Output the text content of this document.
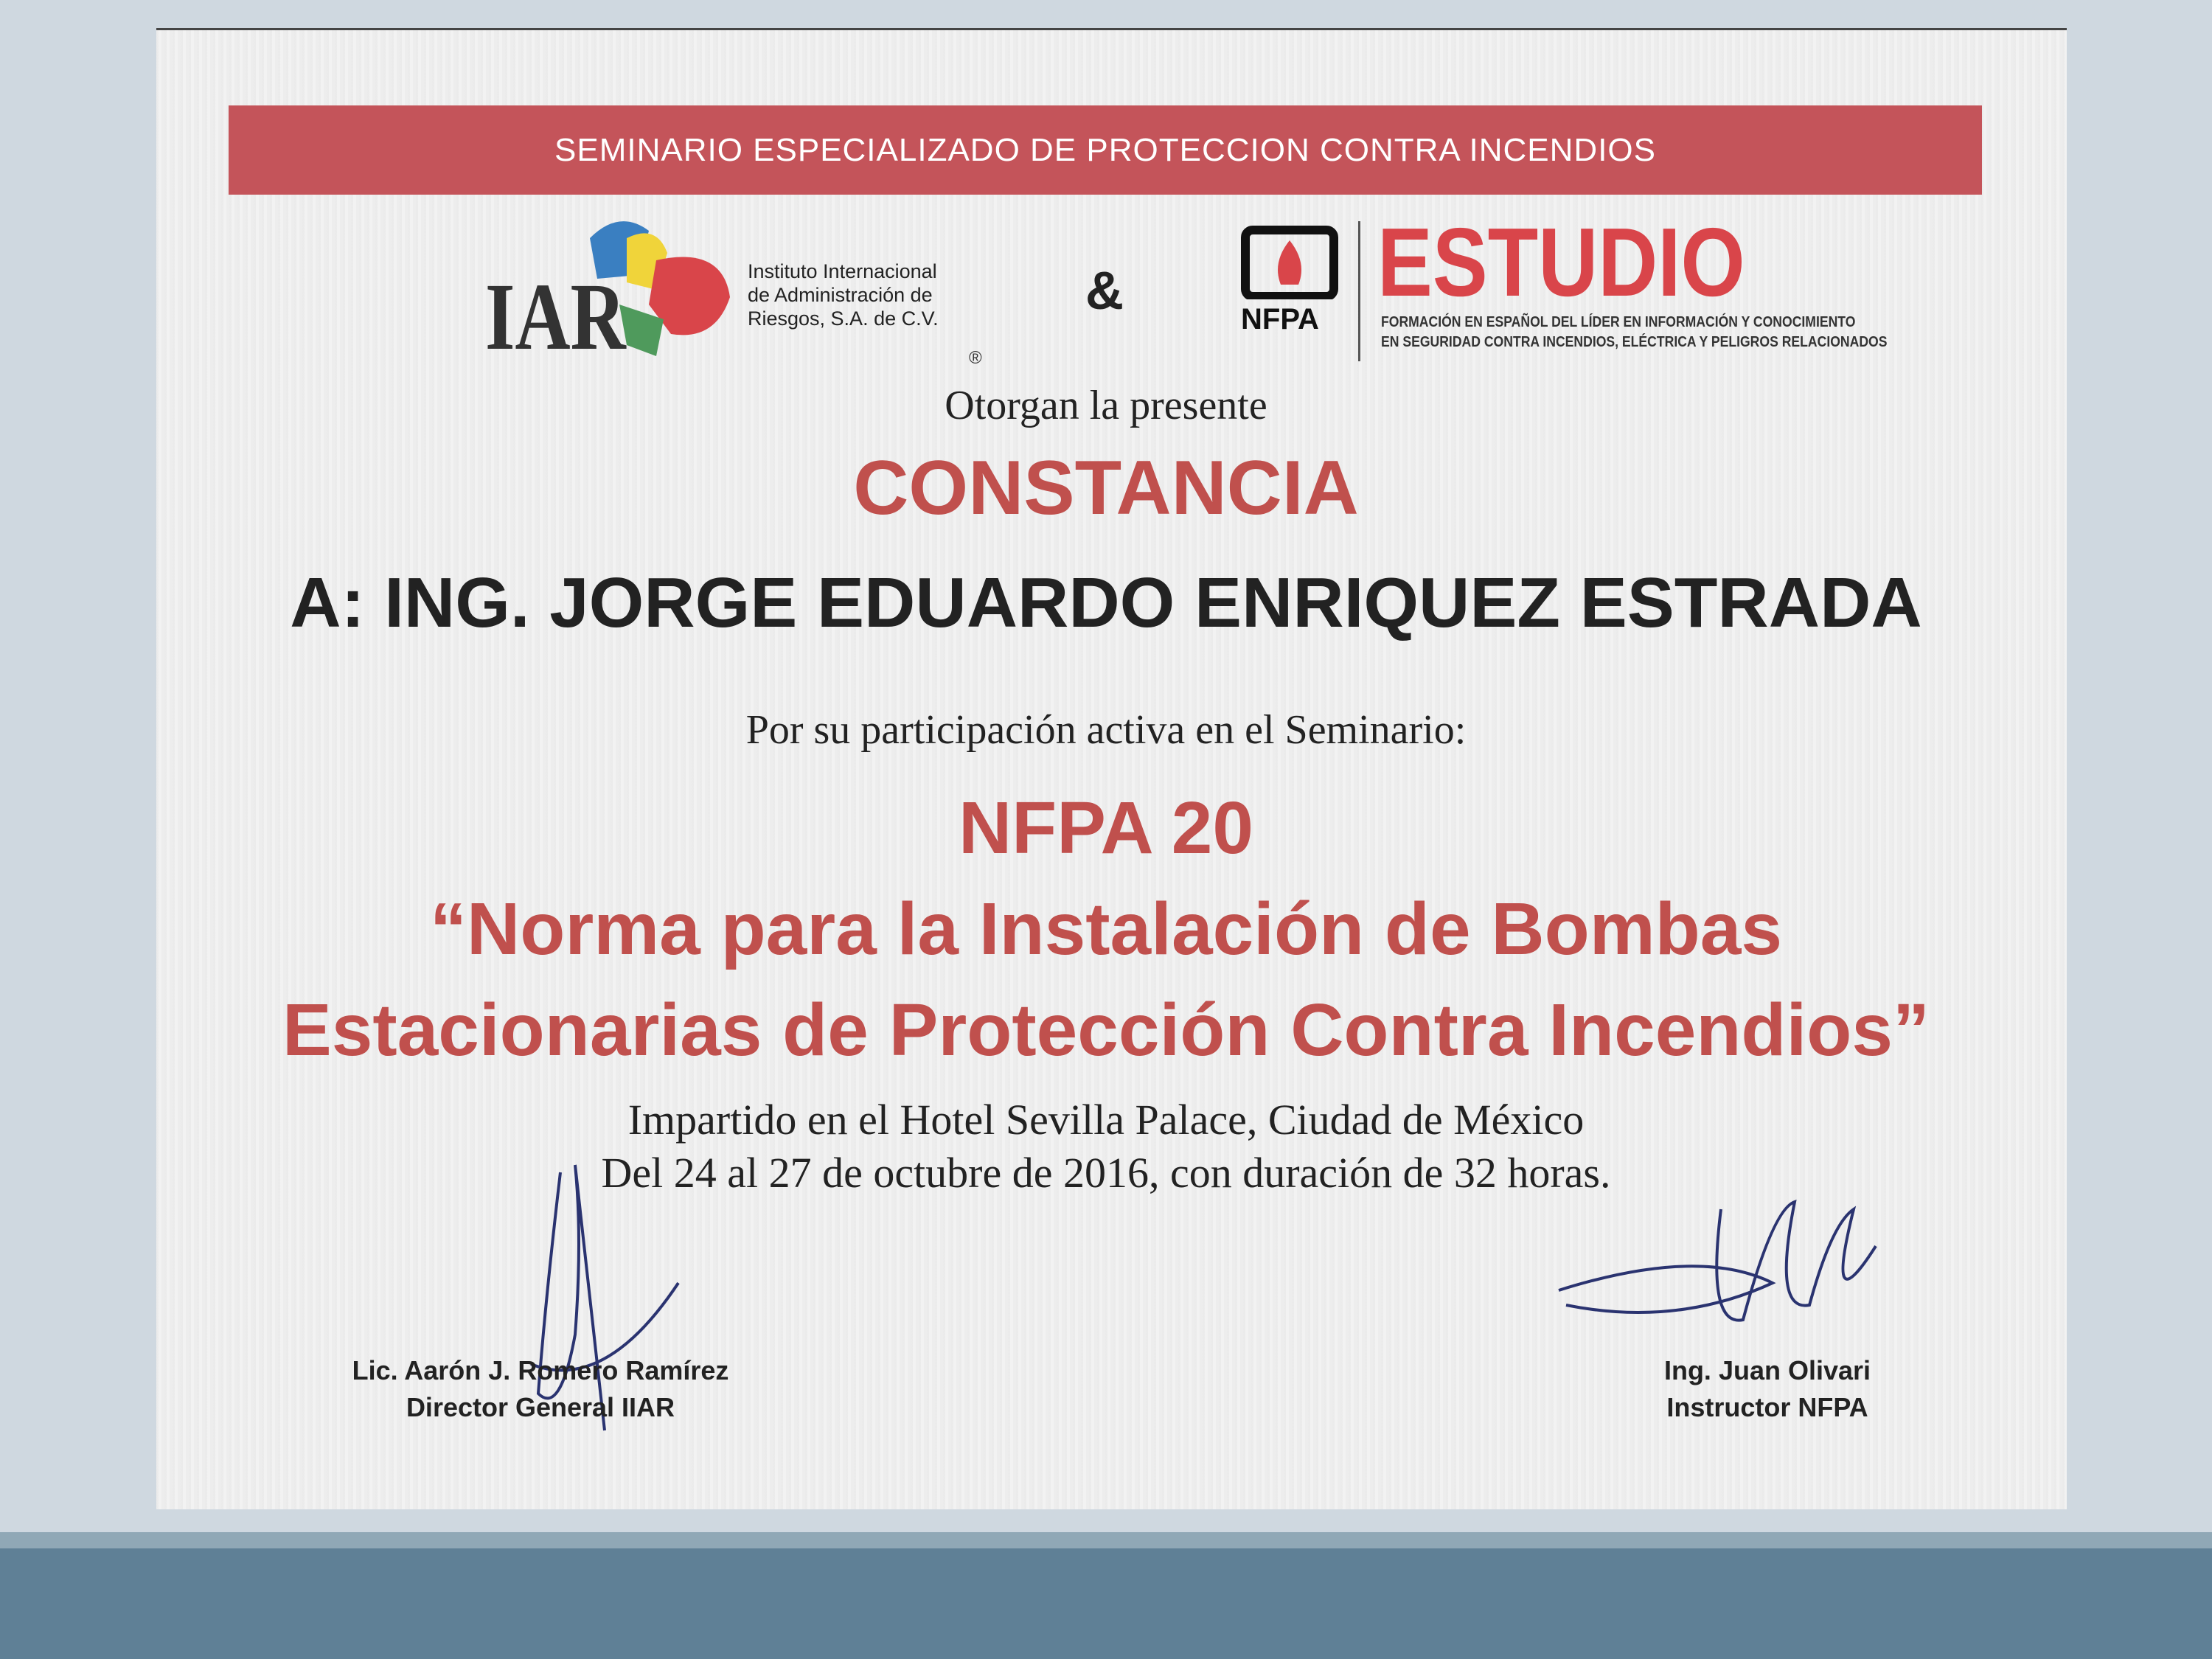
SEMINARIO ESPECIALIZADO DE PROTECCION CONTRA INCENDIOS
IAR	Instituto Internacional
de Administración de
Riesgos, S.A. de C.V.
®
&	NFPA
ESTUDIO
FORMACIÓN EN ESPAÑOL DEL LÍDER EN INFORMACIÓN Y CONOCIMIENTO
EN SEGURIDAD CONTRA INCENDIOS, ELÉCTRICA Y PELIGROS RELACIONADOS
Otorgan la presente
CONSTANCIA
A: ING. JORGE EDUARDO ENRIQUEZ ESTRADA
Por su participación activa en el Seminario:
NFPA 20
“Norma para la Instalación de Bombas
Estacionarias de Protección Contra Incendios”
Impartido en el Hotel Sevilla Palace, Ciudad de México
Del 24 al 27 de octubre de 2016, con duración de 32 horas.
Lic. Aarón J. Romero Ramírez
Director General IIAR
Ing. Juan Olivari
Instructor NFPA
